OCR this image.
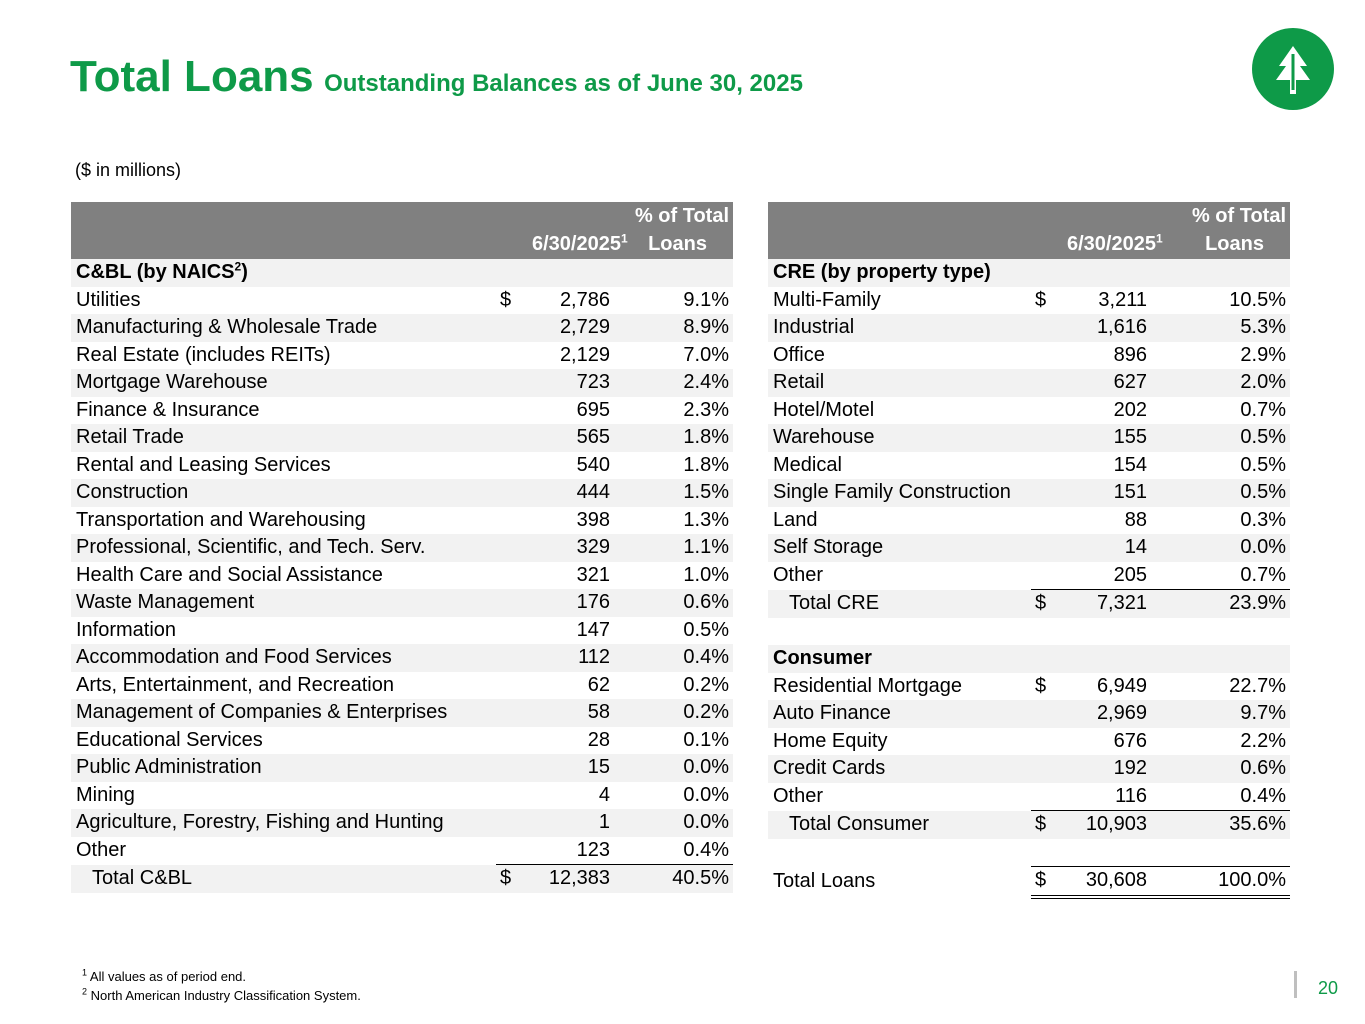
Total Loans Outstanding Balances as of June 30, 2025
($ in millions)
		6/30/2025$^1$	% of Total
Loans
C&BL (by NAICS$^2$)			
Utilities	$	2,786	9.1%
Manufacturing & Wholesale Trade		2,729	8.9%
Real Estate (includes REITs)		2,129	7.0%
Mortgage Warehouse		723	2.4%
Finance & Insurance		695	2.3%
Retail Trade		565	1.8%
Rental and Leasing Services		540	1.8%
Construction		444	1.5%
Transportation and Warehousing		398	1.3%
Professional, Scientific, and Tech. Serv.		329	1.1%
Health Care and Social Assistance		321	1.0%
Waste Management		176	0.6%
Information		147	0.5%
Accommodation and Food Services		112	0.4%
Arts, Entertainment, and Recreation		62	0.2%
Management of Companies & Enterprises		58	0.2%
Educational Services		28	0.1%
Public Administration		15	0.0%
Mining		4	0.0%
Agriculture, Forestry, Fishing and Hunting		1	0.0%
Other		123	0.4%
Total C&BL	$	12,383	40.5%
		6/30/2025$^1$	% of Total
Loans
CRE (by property type)			
Multi-Family	$	3,211	10.5%
Industrial		1,616	5.3%
Office		896	2.9%
Retail		627	2.0%
Hotel/Motel		202	0.7%
Warehouse		155	0.5%
Medical		154	0.5%
Single Family Construction		151	0.5%
Land		88	0.3%
Self Storage		14	0.0%
Other		205	0.7%
Total CRE	$	7,321	23.9%

Consumer			
Residential Mortgage	$	6,949	22.7%
Auto Finance		2,969	9.7%
Home Equity		676	2.2%
Credit Cards		192	0.6%
Other		116	0.4%
Total Consumer	$	10,903	35.6%

Total Loans	$	30,608	100.0%
$^1$ All values as of period end.
$^2$ North American Industry Classification System.	20
